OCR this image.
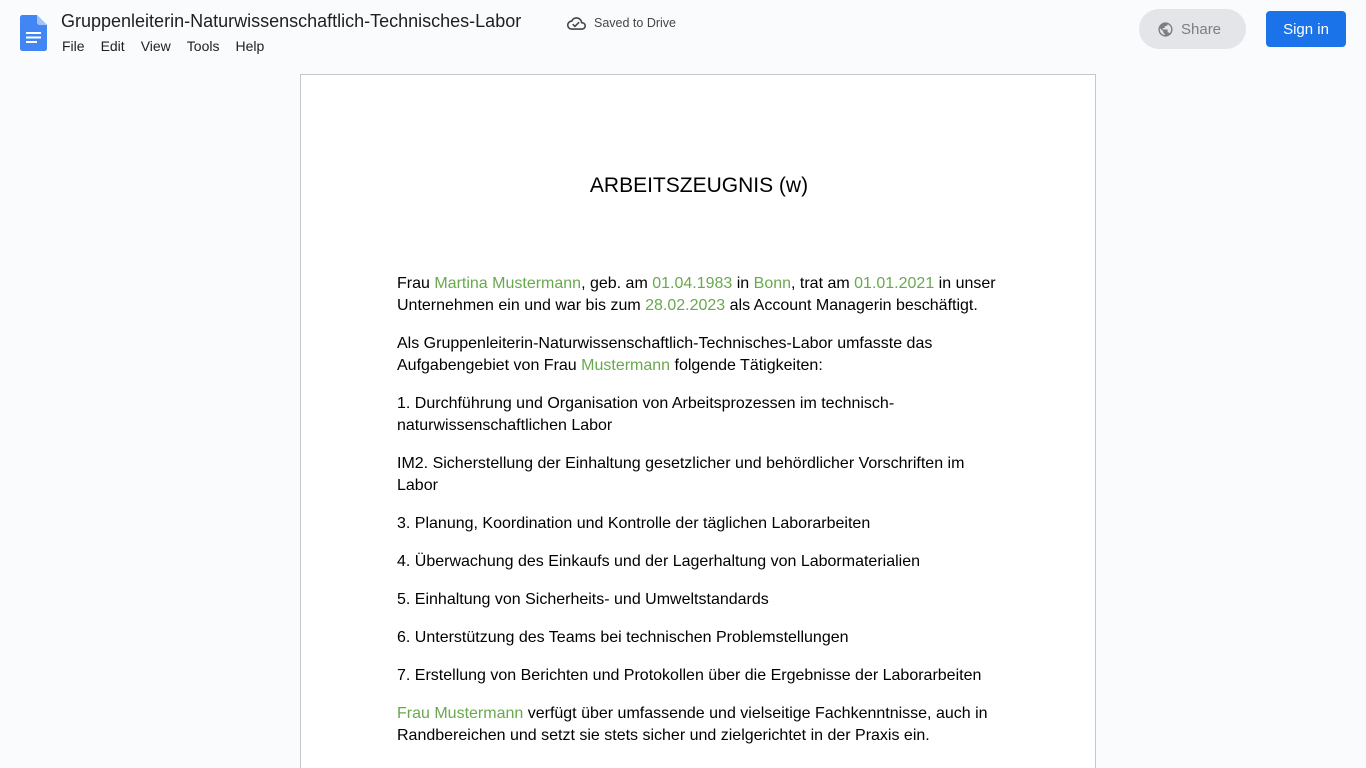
Gruppenleiterin-Naturwissenschaftlich-Technisches-Labor	Saved to Drive
File	Edit	View	Tools	Help
Share	Sign in
ARBEITSZEUGNIS (w)

Frau Martina Mustermann, geb. am 01.04.1983 in Bonn, trat am 01.01.2021 in unser Unternehmen ein und war bis zum 28.02.2023 als Account Managerin beschäftigt.

Als Gruppenleiterin-Naturwissenschaftlich-Technisches-Labor umfasste das Aufgabengebiet von Frau Mustermann folgende Tätigkeiten:

1. Durchführung und Organisation von Arbeitsprozessen im technisch-naturwissenschaftlichen Labor

IM2. Sicherstellung der Einhaltung gesetzlicher und behördlicher Vorschriften im Labor

3. Planung, Koordination und Kontrolle der täglichen Laborarbeiten

4. Überwachung des Einkaufs und der Lagerhaltung von Labormaterialien

5. Einhaltung von Sicherheits- und Umweltstandards

6. Unterstützung des Teams bei technischen Problemstellungen

7. Erstellung von Berichten und Protokollen über die Ergebnisse der Laborarbeiten

Frau Mustermann verfügt über umfassende und vielseitige Fachkenntnisse, auch in Randbereichen und setzt sie stets sicher und zielgerichtet in der Praxis ein.
